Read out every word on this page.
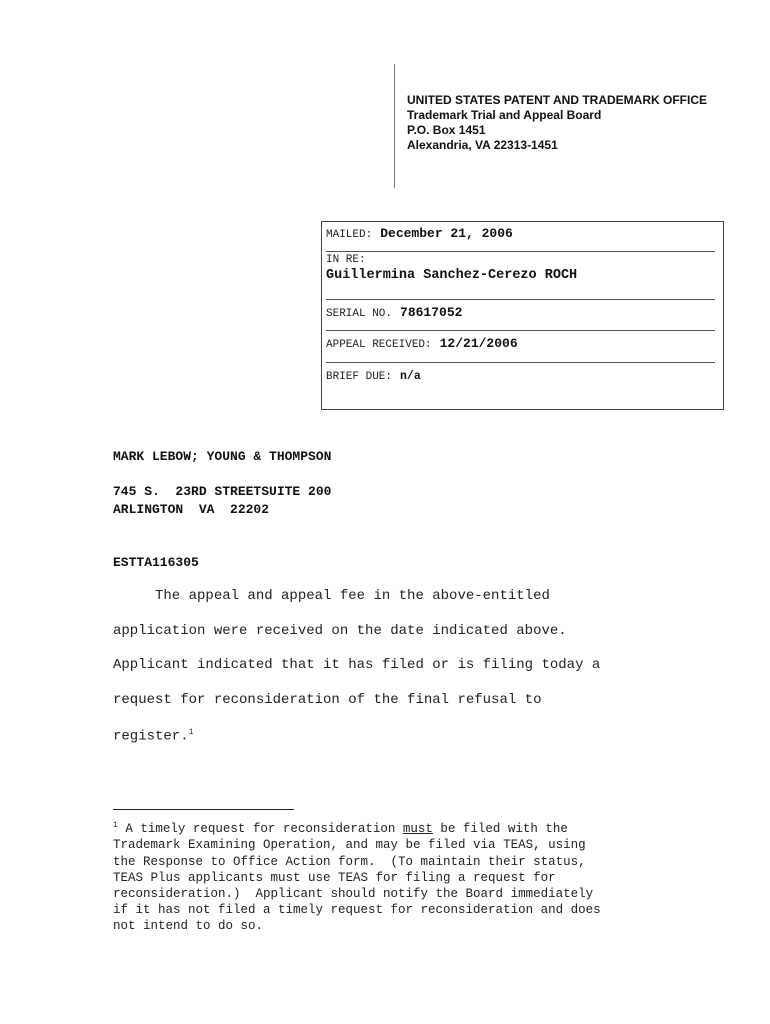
UNITED STATES PATENT AND TRADEMARK OFFICE
Trademark Trial and Appeal Board
P.O. Box 1451
Alexandria, VA 22313-1451
MAILED: December 21, 2006
IN RE:
Guillermina Sanchez-Cerezo ROCH
SERIAL NO. 78617052
APPEAL RECEIVED: 12/21/2006
BRIEF DUE: n/a
MARK LEBOW; YOUNG & THOMPSON
745 S.  23RD STREETSUITE 200
ARLINGTON  VA  22202
ESTTA116305
The appeal and appeal fee in the above-entitled
application were received on the date indicated above.
Applicant indicated that it has filed or is filing today a
request for reconsideration of the final refusal to
register.$^1$
$^1$ A timely request for reconsideration must be filed with the
Trademark Examining Operation, and may be filed via TEAS, using
the Response to Office Action form.  (To maintain their status,
TEAS Plus applicants must use TEAS for filing a request for
reconsideration.)  Applicant should notify the Board immediately
if it has not filed a timely request for reconsideration and does
not intend to do so.
